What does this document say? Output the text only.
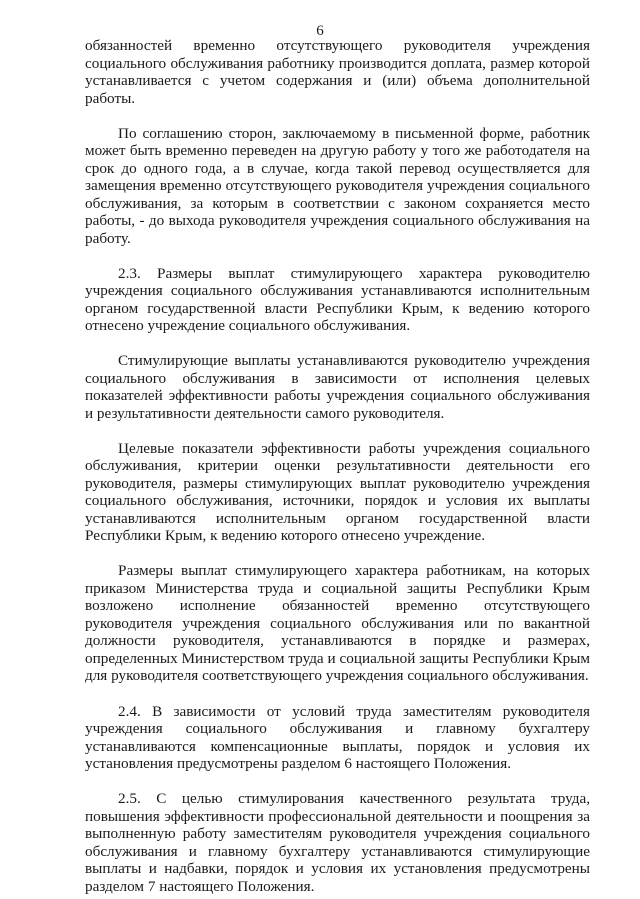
6

обязанностей временно отсутствующего руководителя учреждения социального обслуживания работнику производится доплата, размер которой устанавливается с учетом содержания и (или) объема дополнительной работы.

По соглашению сторон, заключаемому в письменной форме, работник может быть временно переведен на другую работу у того же работодателя на срок до одного года, а в случае, когда такой перевод осуществляется для замещения временно отсутствующего руководителя учреждения социального обслуживания, за которым в соответствии с законом сохраняется место работы, - до выхода руководителя учреждения социального обслуживания на работу.

2.3. Размеры выплат стимулирующего характера руководителю учреждения социального обслуживания устанавливаются исполнительным органом государственной власти Республики Крым, к ведению которого отнесено учреждение социального обслуживания.

Стимулирующие выплаты устанавливаются руководителю учреждения социального обслуживания в зависимости от исполнения целевых показателей эффективности работы учреждения социального обслуживания и результативности деятельности самого руководителя.

Целевые показатели эффективности работы учреждения социального обслуживания, критерии оценки результативности деятельности его руководителя, размеры стимулирующих выплат руководителю учреждения социального обслуживания, источники, порядок и условия их выплаты устанавливаются исполнительным органом государственной власти Республики Крым, к ведению которого отнесено учреждение.

Размеры выплат стимулирующего характера работникам, на которых приказом Министерства труда и социальной защиты Республики Крым возложено исполнение обязанностей временно отсутствующего руководителя учреждения социального обслуживания или по вакантной должности руководителя, устанавливаются в порядке и размерах, определенных Министерством труда и социальной защиты Республики Крым для руководителя соответствующего учреждения социального обслуживания.

2.4. В зависимости от условий труда заместителям руководителя учреждения социального обслуживания и главному бухгалтеру устанавливаются компенсационные выплаты, порядок и условия их установления предусмотрены разделом 6 настоящего Положения.

2.5. С целью стимулирования качественного результата труда, повышения эффективности профессиональной деятельности и поощрения за выполненную работу заместителям руководителя учреждения социального обслуживания и главному бухгалтеру устанавливаются стимулирующие выплаты и надбавки, порядок и условия их установления предусмотрены разделом 7 настоящего Положения.
